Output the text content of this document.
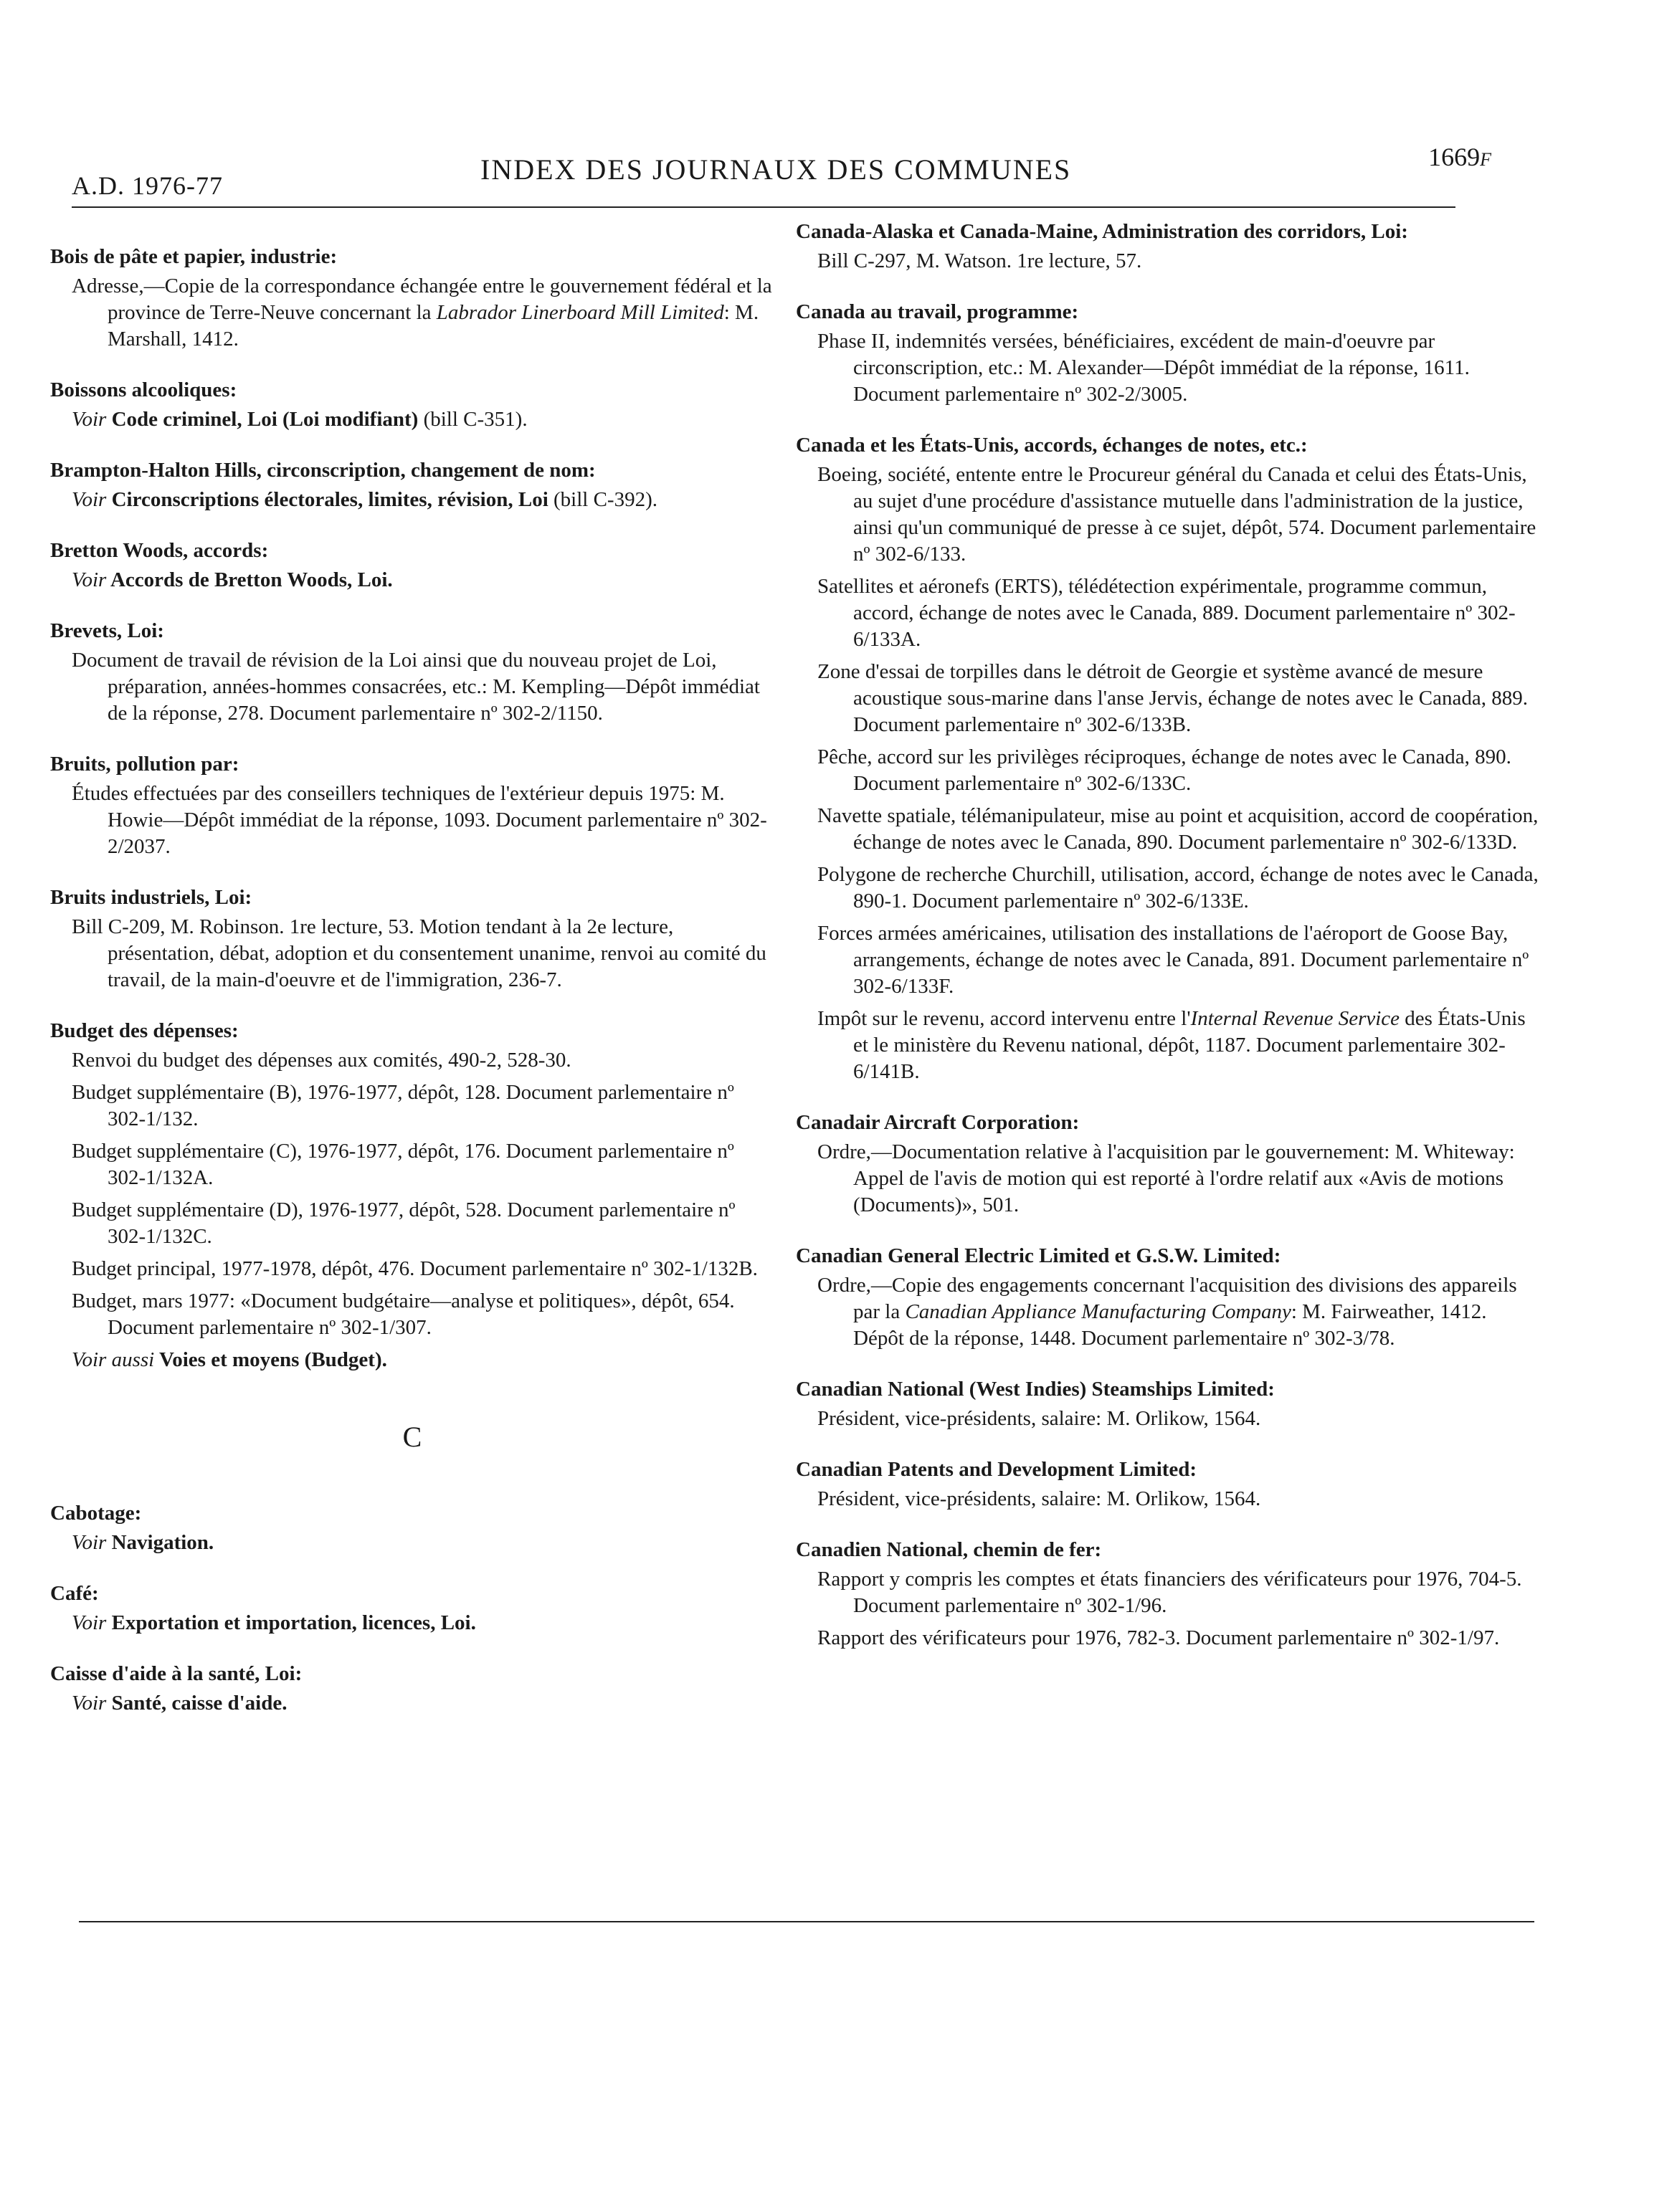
A.D. 1976-77	INDEX DES JOURNAUX DES COMMUNES	1669F
Bois de pâte et papier, industrie:
Adresse,—Copie de la correspondance échangée entre le gouvernement fédéral et la province de Terre-Neuve concernant la Labrador Linerboard Mill Limited: M. Marshall, 1412.
Boissons alcooliques:
Voir Code criminel, Loi (Loi modifiant) (bill C-351).
Brampton-Halton Hills, circonscription, changement de nom:
Voir Circonscriptions électorales, limites, révision, Loi (bill C-392).
Bretton Woods, accords:
Voir Accords de Bretton Woods, Loi.
Brevets, Loi:
Document de travail de révision de la Loi ainsi que du nouveau projet de Loi, préparation, années-hommes consacrées, etc.: M. Kempling—Dépôt immédiat de la réponse, 278. Document parlementaire nº 302-2/1150.
Bruits, pollution par:
Études effectuées par des conseillers techniques de l'extérieur depuis 1975: M. Howie—Dépôt immédiat de la réponse, 1093. Document parlementaire nº 302-2/2037.
Bruits industriels, Loi:
Bill C-209, M. Robinson. 1re lecture, 53. Motion tendant à la 2e lecture, présentation, débat, adoption et du consentement unanime, renvoi au comité du travail, de la main-d'oeuvre et de l'immigration, 236-7.
Budget des dépenses:
Renvoi du budget des dépenses aux comités, 490-2, 528-30.
Budget supplémentaire (B), 1976-1977, dépôt, 128. Document parlementaire nº 302-1/132.
Budget supplémentaire (C), 1976-1977, dépôt, 176. Document parlementaire nº 302-1/132A.
Budget supplémentaire (D), 1976-1977, dépôt, 528. Document parlementaire nº 302-1/132C.
Budget principal, 1977-1978, dépôt, 476. Document parlementaire nº 302-1/132B.
Budget, mars 1977: «Document budgétaire—analyse et politiques», dépôt, 654. Document parlementaire nº 302-1/307.
Voir aussi Voies et moyens (Budget).
C
Cabotage:
Voir Navigation.
Café:
Voir Exportation et importation, licences, Loi.
Caisse d'aide à la santé, Loi:
Voir Santé, caisse d'aide.
Canada-Alaska et Canada-Maine, Administration des corridors, Loi:
Bill C-297, M. Watson. 1re lecture, 57.
Canada au travail, programme:
Phase II, indemnités versées, bénéficiaires, excédent de main-d'oeuvre par circonscription, etc.: M. Alexander—Dépôt immédiat de la réponse, 1611. Document parlementaire nº 302-2/3005.
Canada et les États-Unis, accords, échanges de notes, etc.:
Boeing, société, entente entre le Procureur général du Canada et celui des États-Unis, au sujet d'une procédure d'assistance mutuelle dans l'administration de la justice, ainsi qu'un communiqué de presse à ce sujet, dépôt, 574. Document parlementaire nº 302-6/133.
Satellites et aéronefs (ERTS), télédétection expérimentale, programme commun, accord, échange de notes avec le Canada, 889. Document parlementaire nº 302-6/133A.
Zone d'essai de torpilles dans le détroit de Georgie et système avancé de mesure acoustique sous-marine dans l'anse Jervis, échange de notes avec le Canada, 889. Document parlementaire nº 302-6/133B.
Pêche, accord sur les privilèges réciproques, échange de notes avec le Canada, 890. Document parlementaire nº 302-6/133C.
Navette spatiale, télémanipulateur, mise au point et acquisition, accord de coopération, échange de notes avec le Canada, 890. Document parlementaire nº 302-6/133D.
Polygone de recherche Churchill, utilisation, accord, échange de notes avec le Canada, 890-1. Document parlementaire nº 302-6/133E.
Forces armées américaines, utilisation des installations de l'aéroport de Goose Bay, arrangements, échange de notes avec le Canada, 891. Document parlementaire nº 302-6/133F.
Impôt sur le revenu, accord intervenu entre l'Internal Revenue Service des États-Unis et le ministère du Revenu national, dépôt, 1187. Document parlementaire 302-6/141B.
Canadair Aircraft Corporation:
Ordre,—Documentation relative à l'acquisition par le gouvernement: M. Whiteway: Appel de l'avis de motion qui est reporté à l'ordre relatif aux «Avis de motions (Documents)», 501.
Canadian General Electric Limited et G.S.W. Limited:
Ordre,—Copie des engagements concernant l'acquisition des divisions des appareils par la Canadian Appliance Manufacturing Company: M. Fairweather, 1412. Dépôt de la réponse, 1448. Document parlementaire nº 302-3/78.
Canadian National (West Indies) Steamships Limited:
Président, vice-présidents, salaire: M. Orlikow, 1564.
Canadian Patents and Development Limited:
Président, vice-présidents, salaire: M. Orlikow, 1564.
Canadien National, chemin de fer:
Rapport y compris les comptes et états financiers des vérificateurs pour 1976, 704-5. Document parlementaire nº 302-1/96.
Rapport des vérificateurs pour 1976, 782-3. Document parlementaire nº 302-1/97.
